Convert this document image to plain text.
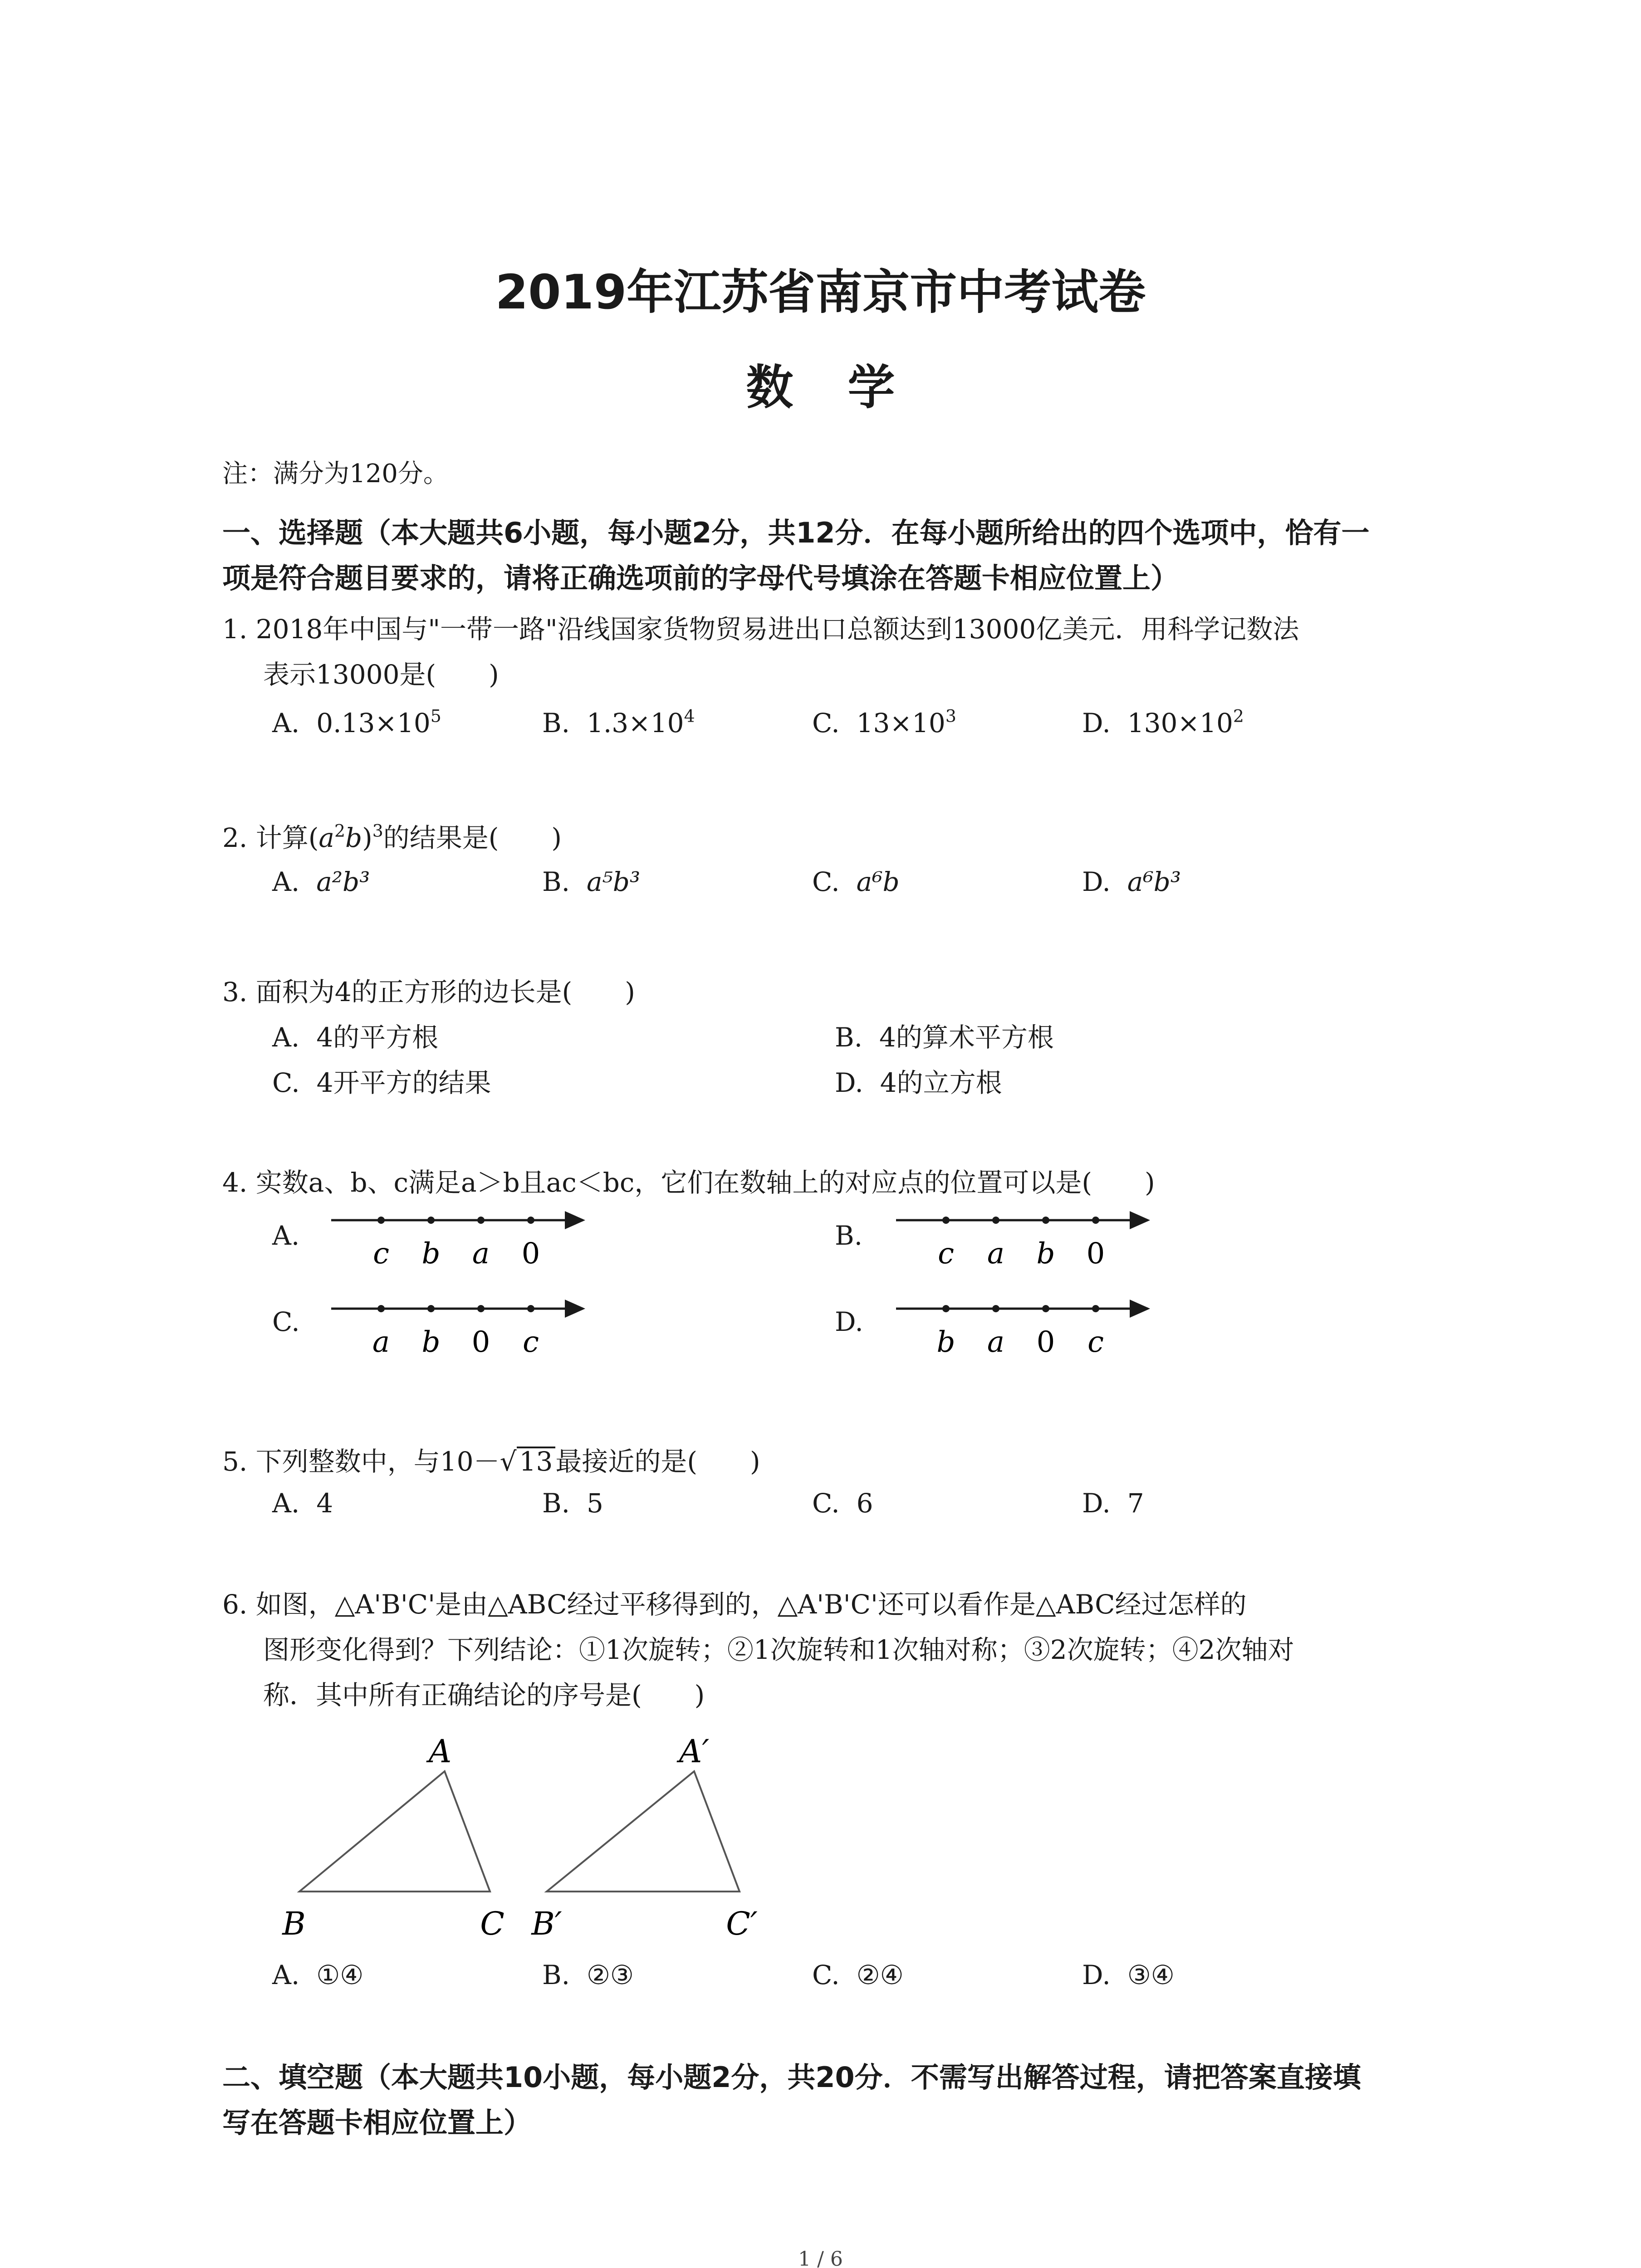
2019年江苏省南京市中考试卷
数学
注：满分为120分。
一、选择题（本大题共6小题，每小题2分，共12分．在每小题所给出的四个选项中，恰有一
项是符合题目要求的，请将正确选项前的字母代号填涂在答题卡相应位置上）
1. 2018年中国与"一带一路"沿线国家货物贸易进出口总额达到13000亿美元．用科学记数法
表示13000是(　　)
A. $0.13\times 10^5$	B. $1.3\times 10^4$	C. $13\times 10^3$	D. $130\times 10^2$
2. 计算$(a^2b)^3$的结果是(　　)
A. a²b³	B. a⁵b³	C. a⁶b	D. a⁶b³
3. 面积为4的正方形的边长是(　　)
A. 4的平方根	B. 4的算术平方根
C. 4开平方的结果	D. 4的立方根
4. 实数a、b、c满足a＞b且ac＜bc，它们在数轴上的对应点的位置可以是(　　)
A.	B.
C.	D.
c b a 0	c a b 0
a b 0 c	b a 0 c
A
B	C
A′
B′	C′
5. 下列整数中，与10－√ 13 最接近的是(　　)
A. 4	B. 5	C. 6	D. 7
6. 如图，△A'B'C'是由△ABC经过平移得到的，△A'B'C'还可以看作是△ABC经过怎样的
图形变化得到？下列结论：①1次旋转；②1次旋转和1次轴对称；③2次旋转；④2次轴对
称．其中所有正确结论的序号是(　　)
A. ①④	B. ②③	C. ②④	D. ③④
二、填空题（本大题共10小题，每小题2分，共20分．不需写出解答过程，请把答案直接填
写在答题卡相应位置上）
1 / 6
